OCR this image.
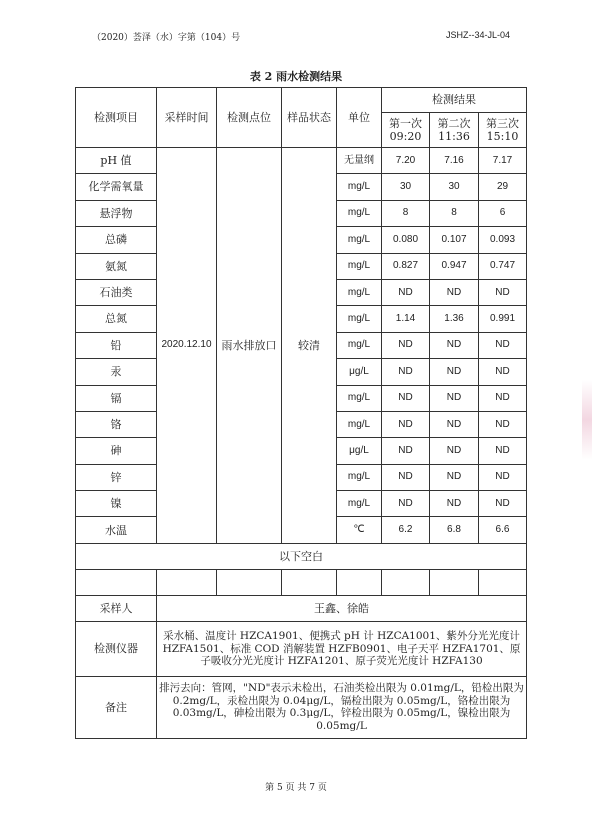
（2020）荟泽（水）字第（104）号	JSHZ--34-JL-04
表 2 雨水检测结果
检测项目	采样时间	检测点位	样品状态	单位	检测结果		
					第一次 09:20	第二次 11:36	第三次 15:10
pH 值	2020.12.10	雨水排放口	较清	无量纲	7.20	7.16	7.17
化学需氧量				mg/L	30	30	29
悬浮物				mg/L	8	8	6
总磷				mg/L	0.080	0.107	0.093
氨氮				mg/L	0.827	0.947	0.747
石油类				mg/L	ND	ND	ND
总氮				mg/L	1.14	1.36	0.991
铅				mg/L	ND	ND	ND
汞				μg/L	ND	ND	ND
镉				mg/L	ND	ND	ND
铬				mg/L	ND	ND	ND
砷				μg/L	ND	ND	ND
锌				mg/L	ND	ND	ND
镍				mg/L	ND	ND	ND
水温				℃	6.2	6.8	6.6
以下空白							

采样人	王鑫、徐皓						
检测仪器	采水桶、温度计 HZCA1901、便携式 pH 计 HZCA1001、紫外分光光度计 HZFA1501、标准 COD 消解装置 HZFB0901、电子天平 HZFA1701、原子吸收分光光度计 HZFA1201、原子荧光光度计 HZFA130						
备注	排污去向：管网，"ND"表示未检出，石油类检出限为 0.01mg/L，铅检出限为 0.2mg/L，汞检出限为 0.04μg/L，镉检出限为 0.05mg/L，铬检出限为 0.03mg/L，砷检出限为 0.3μg/L，锌检出限为 0.05mg/L，镍检出限为 0.05mg/L						
第 5 页 共 7 页
